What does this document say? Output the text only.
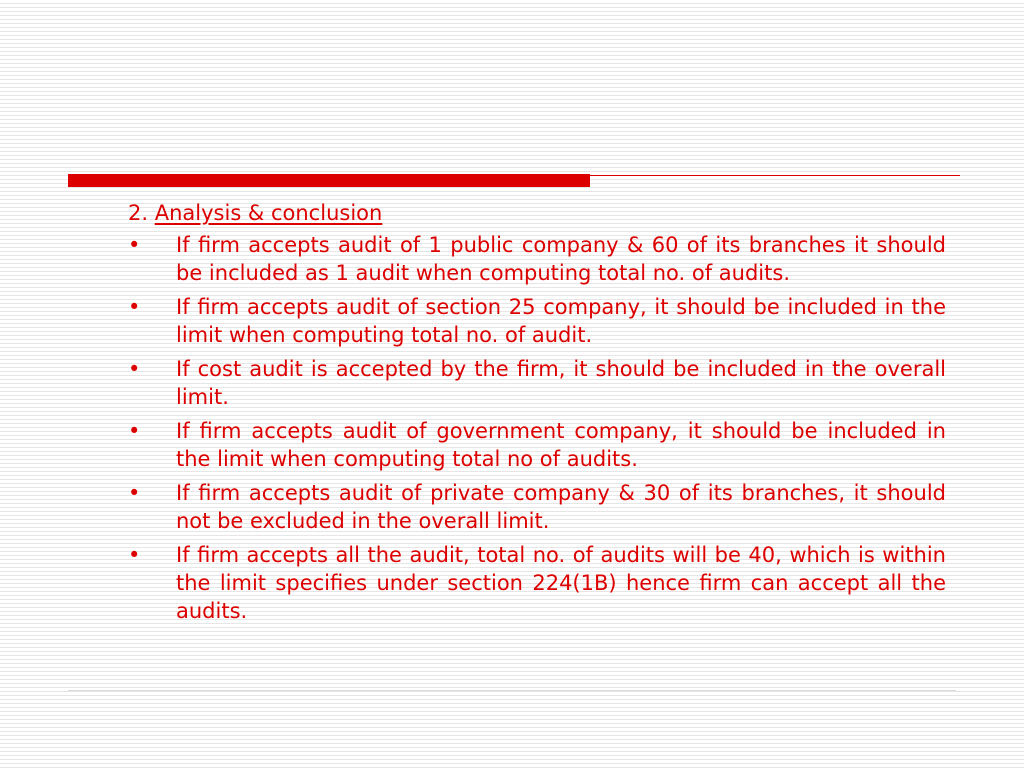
2. Analysis & conclusion
• If firm accepts audit of 1 public company & 60 of its branches it should be included as 1 audit when computing total no. of audits.
• If firm accepts audit of section 25 company, it should be included in the limit when computing total no. of audit.
• If cost audit is accepted by the firm, it should be included in the overall limit.
• If firm accepts audit of government company, it should be included in the limit when computing total no of audits.
• If firm accepts audit of private company & 30 of its branches, it should not be excluded in the overall limit.
• If firm accepts all the audit, total no. of audits will be 40, which is within the limit specifies under section 224(1B) hence firm can accept all the audits.
